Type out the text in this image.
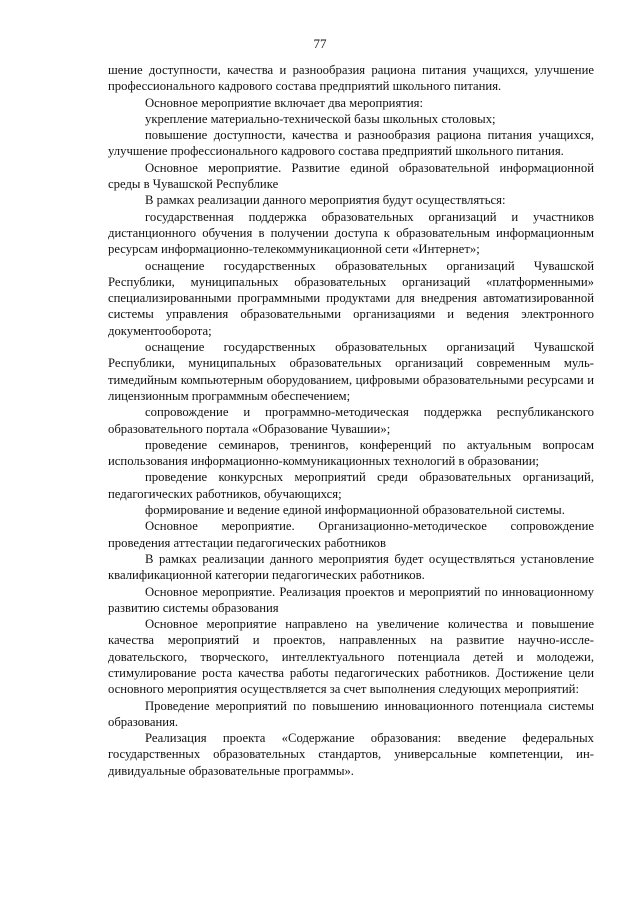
77

шение доступности, качества и разнообразия рациона питания учащихся, улучшение профессионального кадрового состава предприятий школьного питания.

Основное мероприятие включает два мероприятия:

укрепление материально-технической базы школьных столовых;

повышение доступности, качества и разнообразия рациона питания учащихся, улучшение профессионального кадрового состава предприятий школьного питания.

Основное мероприятие. Развитие единой образовательной информационной среды в Чувашской Республике

В рамках реализации данного мероприятия будут осуществляться:

государственная поддержка образовательных организаций и участников дистанционного обучения в получении доступа к образовательным информационным ресурсам информационно-телекоммуникационной сети «Интернет»;

оснащение государственных образовательных организаций Чувашской Республики, муниципальных образовательных организаций «платформенными» специализированными программными продуктами для внедрения автоматизированной системы управления образовательными организациями и ведения электронного документооборота;

оснащение государственных образовательных организаций Чувашской Республики, муниципальных образовательных организаций современным мультимедийным компьютерным оборудованием, цифровыми образовательными ресурсами и лицензионным программным обеспечением;

сопровождение и программно-методическая поддержка республиканского образовательного портала «Образование Чувашии»;

проведение семинаров, тренингов, конференций по актуальным вопросам использования информационно-коммуникационных технологий в образовании;

проведение конкурсных мероприятий среди образовательных организаций, педагогических работников, обучающихся;

формирование и ведение единой информационной образовательной системы.

Основное мероприятие. Организационно-методическое сопровождение проведения аттестации педагогических работников

В рамках реализации данного мероприятия будет осуществляться установление квалификационной категории педагогических работников.

Основное мероприятие. Реализация проектов и мероприятий по инновационному развитию системы образования

Основное мероприятие направлено на увеличение количества и повышение качества мероприятий и проектов, направленных на развитие научно-исследовательского, творческого, интеллектуального потенциала детей и молодежи, стимулирование роста качества работы педагогических работников. Достижение цели основного мероприятия осуществляется за счет выполнения следующих мероприятий:

Проведение мероприятий по повышению инновационного потенциала системы образования.

Реализация проекта «Содержание образования: введение федеральных государственных образовательных стандартов, универсальные компетенции, индивидуальные образовательные программы».
